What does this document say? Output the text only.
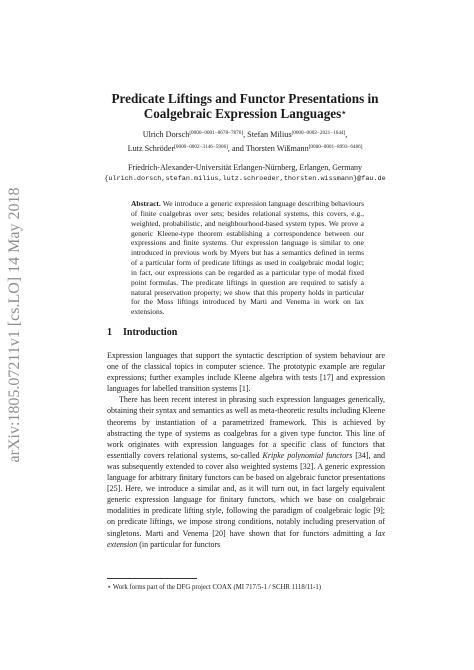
arXiv:1805.07211v1 [cs.LO] 14 May 2018
Predicate Liftings and Functor Presentations in
Coalgebraic Expression Languages⋆
Ulrich Dorsch[0000−0001−8678−7876], Stefan Milius[0000−0002−2021−1644],
Lutz Schröder[0000−0002−3146−5906], and Thorsten Wißmann[0000−0001−8993−6486]
Friedrich-Alexander-Universität Erlangen-Nürnberg, Erlangen, Germany
{ulrich.dorsch,stefan.milius,lutz.schroeder,thorsten.wissmann}@fau.de
Abstract. We introduce a generic expression language describing behaviours of finite coalgebras over sets; besides relational systems, this covers, e.g., weighted, probabilistic, and neighbourhood-based system types. We prove a generic Kleene-type theorem establishing a correspondence between our expressions and finite systems. Our expression language is similar to one introduced in previous work by Myers but has a semantics defined in terms of a particular form of predicate liftings as used in coalgebraic modal logic; in fact, our expressions can be regarded as a particular type of modal fixed point formulas. The predicate liftings in question are required to satisfy a natural preservation property; we show that this property holds in particular for the Moss liftings introduced by Marti and Venema in work on lax extensions.
1 Introduction

Expression languages that support the syntactic description of system behaviour are one of the classical topics in computer science. The prototypic example are regular expressions; further examples include Kleene algebra with tests [17] and expression languages for labelled transition systems [1].

There has been recent interest in phrasing such expression languages generically, obtaining their syntax and semantics as well as meta-theoretic results including Kleene theorems by instantiation of a parametrized framework. This is achieved by abstracting the type of systems as coalgebras for a given type functor. This line of work originates with expression languages for a specific class of functors that essentially covers relational systems, so-called Kripke polynomial functors [34], and was subsequently extended to cover also weighted systems [32]. A generic expression language for arbitrary finitary functors can be based on algebraic functor presentations [25]. Here, we introduce a similar and, as it will turn out, in fact largely equivalent generic expression language for finitary functors, which we base on coalgebraic modalities in predicate lifting style, following the paradigm of coalgebraic logic [9]; on predicate liftings, we impose strong conditions, notably including preservation of singletons. Marti and Venema [20] have shown that for functors admitting a lax extension (in particular for functors

⋆ Work forms part of the DFG project COAX (MI 717/5-1 / SCHR 1118/11-1)
